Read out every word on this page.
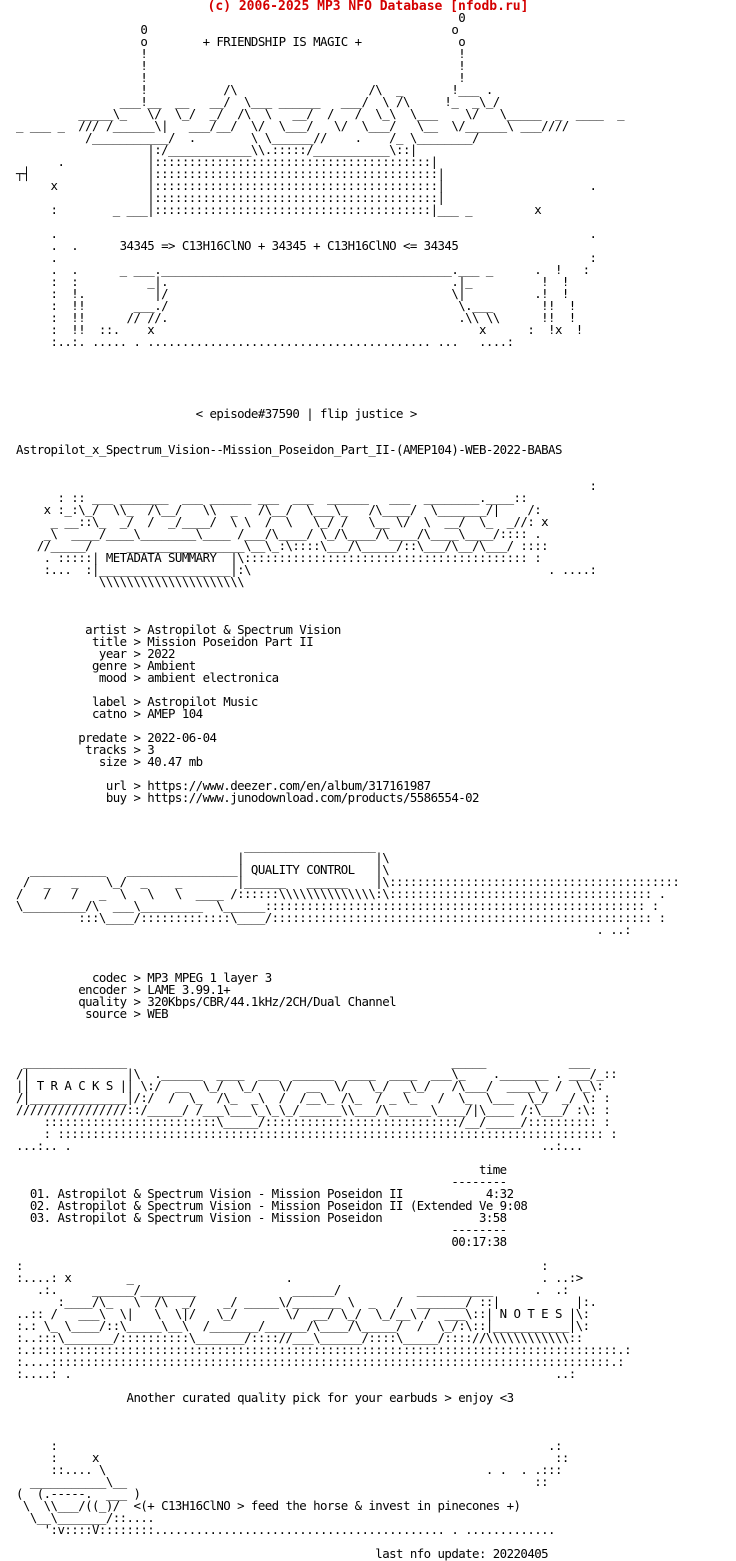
(c) 2006-2025 MP3 NFO Database [nfodb.ru]
0
0                                            o
o        + FRIENDSHIP IS MAGIC +              o
!                                             !
!                                             !
!                                             !
!           /\                   /\  _       !___ .
___!__  __   __/  \___ ______   ___/  \ /\     !_  _\_/
_____\_   \/  \_/  _/  /\  \   __/  /   /  \_\  \___    \/   \_____  _  ____  _
_ ___ _  /// /______\|   ___/__/  \/  \___/   \/  \___/   \__  \/______\ ___////
/___________/  .        \ \______//    .    /_ \________/
|:/____________\\.:::::/___________\::|
.            |::::::::::::::::::::::::::::::::::::::::|
┬┤                 |:::::::::::::::::::::::::::::::::::::::::|
x             |:::::::::::::::::::::::::::::::::::::::::|                     .
|:::::::::::::::::::::::::::::::::::::::::|
:        _ ___|::::::::::::::::::::::::::::::::::::::::|___ _         x

.                                                                             .
.  .      34345 => C13H16ClNO + 34345 + C13H16ClNO <= 34345
.                                                                             :
.  .      _ ___.__________________________________________.___ _      .  !   :
:  :          _|.                                         .|_          !  !
:  !.          |/                                         \|          .!  !
:  !!       ___./                                          \.___       !!  !
:  !!      // //.                                          .\\ \\      !!  !
:  !!  ::.    x                                               x      :  !x  !
:..:. ..... . ......................................... ...   ....:
< episode#37590 | flip justice >
Astropilot_x_Spectrum_Vision--Mission_Poseidon_Part_II-(AMEP104)-WEB-2022-BABAS
:
: :: ___ _______  ___ ______ ___  ___  ______   ___  ________.____::
x :_:\_/  \\_  /\__/   \\  _   /\__/  \___\_   /\____/  \_______/|    /:
_ __::\_  _/  /  _/____/  \ \  /  \   \_/ /   \__ \/  \  __/  \_  _//: x
_\  ____/____\________\____ /___/\____/ \_/\____/\____/\____\____/:::: .
//_____/     _________________\__\_:\::::\___/\_____/::\___/\__/\___/ ::::
. :::::| METADATA SUMMARY  |\::::::::::::::::::::::::::::::::::::::::: :
:...  :|___________________|:\                                           . ....:
\\\\\\\\\\\\\\\\\\\\\
artist > Astropilot & Spectrum Vision
title > Mission Poseidon Part II
year > 2022
genre > Ambient
mood > ambient electronica
label > Astropilot Music
catno > AMEP 104
predate > 2022-06-04
tracks > 3
size > 40.47 mb
url > https://www.deezer.com/en/album/317161987
buy > https://www.junodownload.com/products/5586554-02
___________________
|                   |\
___________   ________________| QUALITY CONTROL   |\
/  _   _    \_/  _    _        |______   ______    |\::::::::::::::::::::::::::::::::::::::::::
/   /   /   _  \   \   \  ____ /::::::\\\\\\\\\\\\\\:\:::::::::::::::::::::::::::::::::::::: .
\_________/\  ___\_________  \______::::::::::::::::::::::::::::::::::::::::::::::::::::::: :
:::\____/:::::::::::::\____/::::::::::::::::::::::::::::::::::::::::::::::::::::::: :
. ..:
codec > MP3 MPEG 1 layer 3
encoder > LAME 3.99.1+
quality > 320Kbps/CBR/44.1kHz/2CH/Dual Channel
source > WEB
_______________                                               _____            ___
/|              |\  .______  ____  ___  ______  ____  ____  ___\_    ._______ . ___/_::
|| T R A C K S || \:/  __  \_/  \_/   \/  __  \/   \_/  _\_/   /\___/  ____\_ /  \_\:
/|______________|/:/  /  \_  /\_  _\  /  /__\_ /\_  / _ \_   /  \_  \___  \_/  _/ \: :
////////////////::/_____/ /___\___\_\_\_/______\\___/\______\____/|\____ /:\___/ :\: :
:::::::::::::::::::::::::\_____/::::::::::::::::::::::::::::/__/_____/:::::::::: :
: ::::::::::::::::::::::::::::::::::::::::::::::::::::::::::::::::::::::::::::::: :
...:.. .                                                                    ..:...
time
--------
01. Astropilot & Spectrum Vision - Mission Poseidon II            4:32
02. Astropilot & Spectrum Vision - Mission Poseidon II (Extended Ve 9:08
03. Astropilot & Spectrum Vision - Mission Poseidon              3:58
--------
00:17:38
:                                                                           :
:....: x        _                      .                                    . ..:>
.:.     ______/________              ______/           ___________      .  .:
:____/\_   \  /\  _/    _/ _____\/_______ \  _   /  _______/ ::|           |:.
..:: /   ___\  \|   \  \|/   \_/       \/  __/ \_/  \_/__\ /  ___\::| N O T E S |\:
:.: \_ \____/::\_____\__\  /_______/______/\____/\_____/  /  \_/:\::|___________|\:
:..:::\_______/::::::::::\_______/:::://___\______/::::\_____/:::://\\\\\\\\\\\\::
:.:::::::::::::::::::::::::::::::::::::::::::::::::::::::::::::::::::::::::::::::::::::.:
:....:::::::::::::::::::::::::::::::::::::::::::::::::::::::::::::::::::::::::::::::::.:
:....: .                                                                      ..:
Another curated quality pick for your earbuds > enjoy <3
:                                                                       .:
:     x                                                                  ::
::.... \                                                       . .  . .:::
___________\__                                                           ::
(  (.-----.  ___ )
\  \\___/((_)/  <(+ C13H16ClNO > feed the horse & invest in pinecones +)
\__\_______/::....
':v::::V::::::::.......................................... . .............
last nfo update: 20220405
